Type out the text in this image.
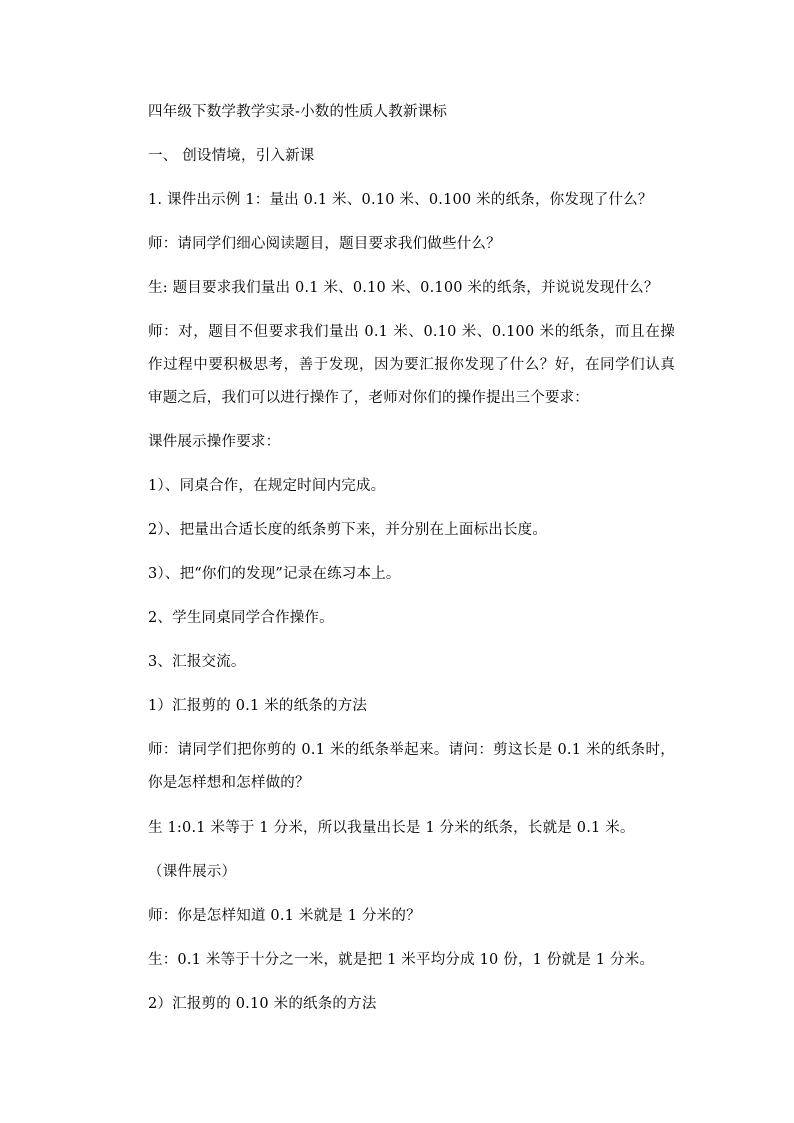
四年级下数学教学实录-小数的性质人教新课标
一、 创设情境，引入新课
1. 课件出示例 1：量出 0.1 米、0.10 米、0.100 米的纸条，你发现了什么？
师：请同学们细心阅读题目，题目要求我们做些什么？
生: 题目要求我们量出 0.1 米、0.10 米、0.100 米的纸条，并说说发现什么？
师：对，题目不但要求我们量出 0.1 米、0.10 米、0.100 米的纸条，而且在操作过程中要积极思考，善于发现，因为要汇报你发现了什么？好，在同学们认真审题之后，我们可以进行操作了，老师对你们的操作提出三个要求：
课件展示操作要求：
1）、同桌合作，在规定时间内完成。
2）、把量出合适长度的纸条剪下来，并分别在上面标出长度。
3）、把“你们的发现”记录在练习本上。
2、学生同桌同学合作操作。
3、汇报交流。
1）汇报剪的 0.1 米的纸条的方法
师：请同学们把你剪的 0.1 米的纸条举起来。请问：剪这长是 0.1 米的纸条时，你是怎样想和怎样做的？
生 1:0.1 米等于 1 分米，所以我量出长是 1 分米的纸条，长就是 0.1 米。
（课件展示）
师：你是怎样知道 0.1 米就是 1 分米的？
生：0.1 米等于十分之一米，就是把 1 米平均分成 10 份，1 份就是 1 分米。
2）汇报剪的 0.10 米的纸条的方法
